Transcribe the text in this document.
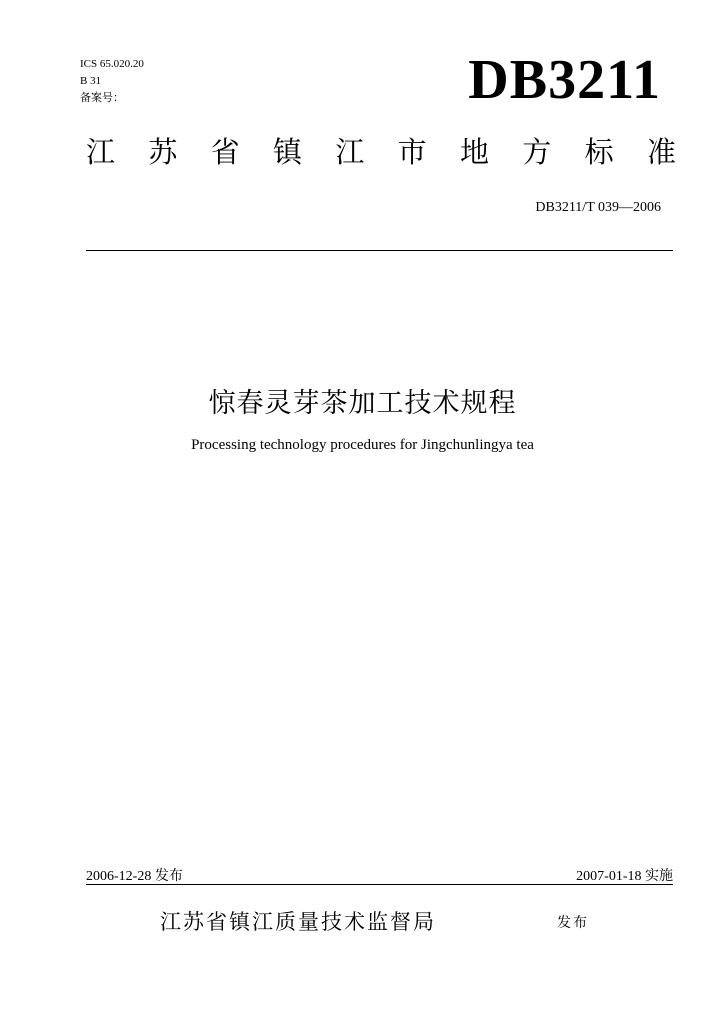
ICS 65.020.20
B 31
备案号：	DB3211
江 苏 省 镇 江 市 地 方 标 准
DB3211/T 039—2006
惊春灵芽茶加工技术规程
Processing technology procedures for Jingchunlingya tea
2006-12-28 发布	2007-01-18 实施
江苏省镇江质量技术监督局	发布
